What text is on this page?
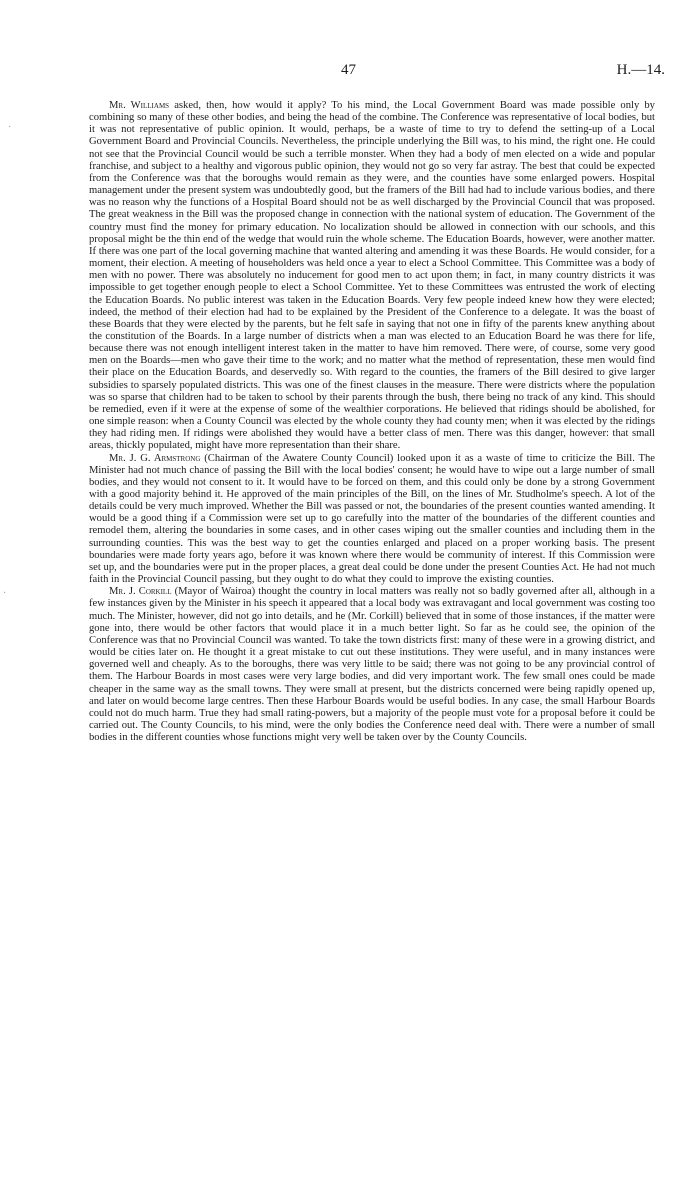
·
·
47	H.—14.

Mr. Williams asked, then, how would it apply? To his mind, the Local Government Board was made possible only by combining so many of these other bodies, and being the head of the combine. The Conference was representative of local bodies, but it was not representative of public opinion. It would, perhaps, be a waste of time to try to defend the setting-up of a Local Government Board and Provincial Councils. Nevertheless, the principle underlying the Bill was, to his mind, the right one. He could not see that the Provincial Council would be such a terrible monster. When they had a body of men elected on a wide and popular franchise, and subject to a healthy and vigorous public opinion, they would not go so very far astray. The best that could be expected from the Conference was that the boroughs would remain as they were, and the counties have some enlarged powers. Hospital management under the present system was undoubtedly good, but the framers of the Bill had had to include various bodies, and there was no reason why the functions of a Hospital Board should not be as well discharged by the Provincial Council that was proposed. The great weakness in the Bill was the proposed change in connection with the national system of education. The Government of the country must find the money for primary education. No localization should be allowed in connection with our schools, and this proposal might be the thin end of the wedge that would ruin the whole scheme. The Education Boards, however, were another matter. If there was one part of the local governing machine that wanted altering and amending it was these Boards. He would consider, for a moment, their election. A meeting of householders was held once a year to elect a School Committee. This Committee was a body of men with no power. There was absolutely no inducement for good men to act upon them; in fact, in many country districts it was impossible to get together enough people to elect a School Committee. Yet to these Committees was entrusted the work of electing the Education Boards. No public interest was taken in the Education Boards. Very few people indeed knew how they were elected; indeed, the method of their election had had to be explained by the President of the Conference to a delegate. It was the boast of these Boards that they were elected by the parents, but he felt safe in saying that not one in fifty of the parents knew anything about the constitution of the Boards. In a large number of districts when a man was elected to an Education Board he was there for life, because there was not enough intelligent interest taken in the matter to have him removed. There were, of course, some very good men on the Boards—men who gave their time to the work; and no matter what the method of representation, these men would find their place on the Education Boards, and deservedly so. With regard to the counties, the framers of the Bill desired to give larger subsidies to sparsely populated districts. This was one of the finest clauses in the measure. There were districts where the population was so sparse that children had to be taken to school by their parents through the bush, there being no track of any kind. This should be remedied, even if it were at the expense of some of the wealthier corporations. He believed that ridings should be abolished, for one simple reason: when a County Council was elected by the whole county they had county men; when it was elected by the ridings they had riding men. If ridings were abolished they would have a better class of men. There was this danger, however: that small areas, thickly populated, might have more representation than their share.

Mr. J. G. Armstrong (Chairman of the Awatere County Council) looked upon it as a waste of time to criticize the Bill. The Minister had not much chance of passing the Bill with the local bodies' consent; he would have to wipe out a large number of small bodies, and they would not consent to it. It would have to be forced on them, and this could only be done by a strong Government with a good majority behind it. He approved of the main principles of the Bill, on the lines of Mr. Studholme's speech. A lot of the details could be very much improved. Whether the Bill was passed or not, the boundaries of the present counties wanted amending. It would be a good thing if a Commission were set up to go carefully into the matter of the boundaries of the different counties and remodel them, altering the boundaries in some cases, and in other cases wiping out the smaller counties and including them in the surrounding counties. This was the best way to get the counties enlarged and placed on a proper working basis. The present boundaries were made forty years ago, before it was known where there would be community of interest. If this Commission were set up, and the boundaries were put in the proper places, a great deal could be done under the present Counties Act. He had not much faith in the Provincial Council passing, but they ought to do what they could to improve the existing counties.

Mr. J. Corkill (Mayor of Wairoa) thought the country in local matters was really not so badly governed after all, although in a few instances given by the Minister in his speech it appeared that a local body was extravagant and local government was costing too much. The Minister, however, did not go into details, and he (Mr. Corkill) believed that in some of those instances, if the matter were gone into, there would be other factors that would place it in a much better light. So far as he could see, the opinion of the Conference was that no Provincial Council was wanted. To take the town districts first: many of these were in a growing district, and would be cities later on. He thought it a great mistake to cut out these institutions. They were useful, and in many instances were governed well and cheaply. As to the boroughs, there was very little to be said; there was not going to be any provincial control of them. The Harbour Boards in most cases were very large bodies, and did very important work. The few small ones could be made cheaper in the same way as the small towns. They were small at present, but the districts concerned were being rapidly opened up, and later on would become large centres. Then these Harbour Boards would be useful bodies. In any case, the small Harbour Boards could not do much harm. True they had small rating-powers, but a majority of the people must vote for a proposal before it could be carried out. The County Councils, to his mind, were the only bodies the Conference need deal with. There were a number of small bodies in the different counties whose functions might very well be taken over by the County Councils.
